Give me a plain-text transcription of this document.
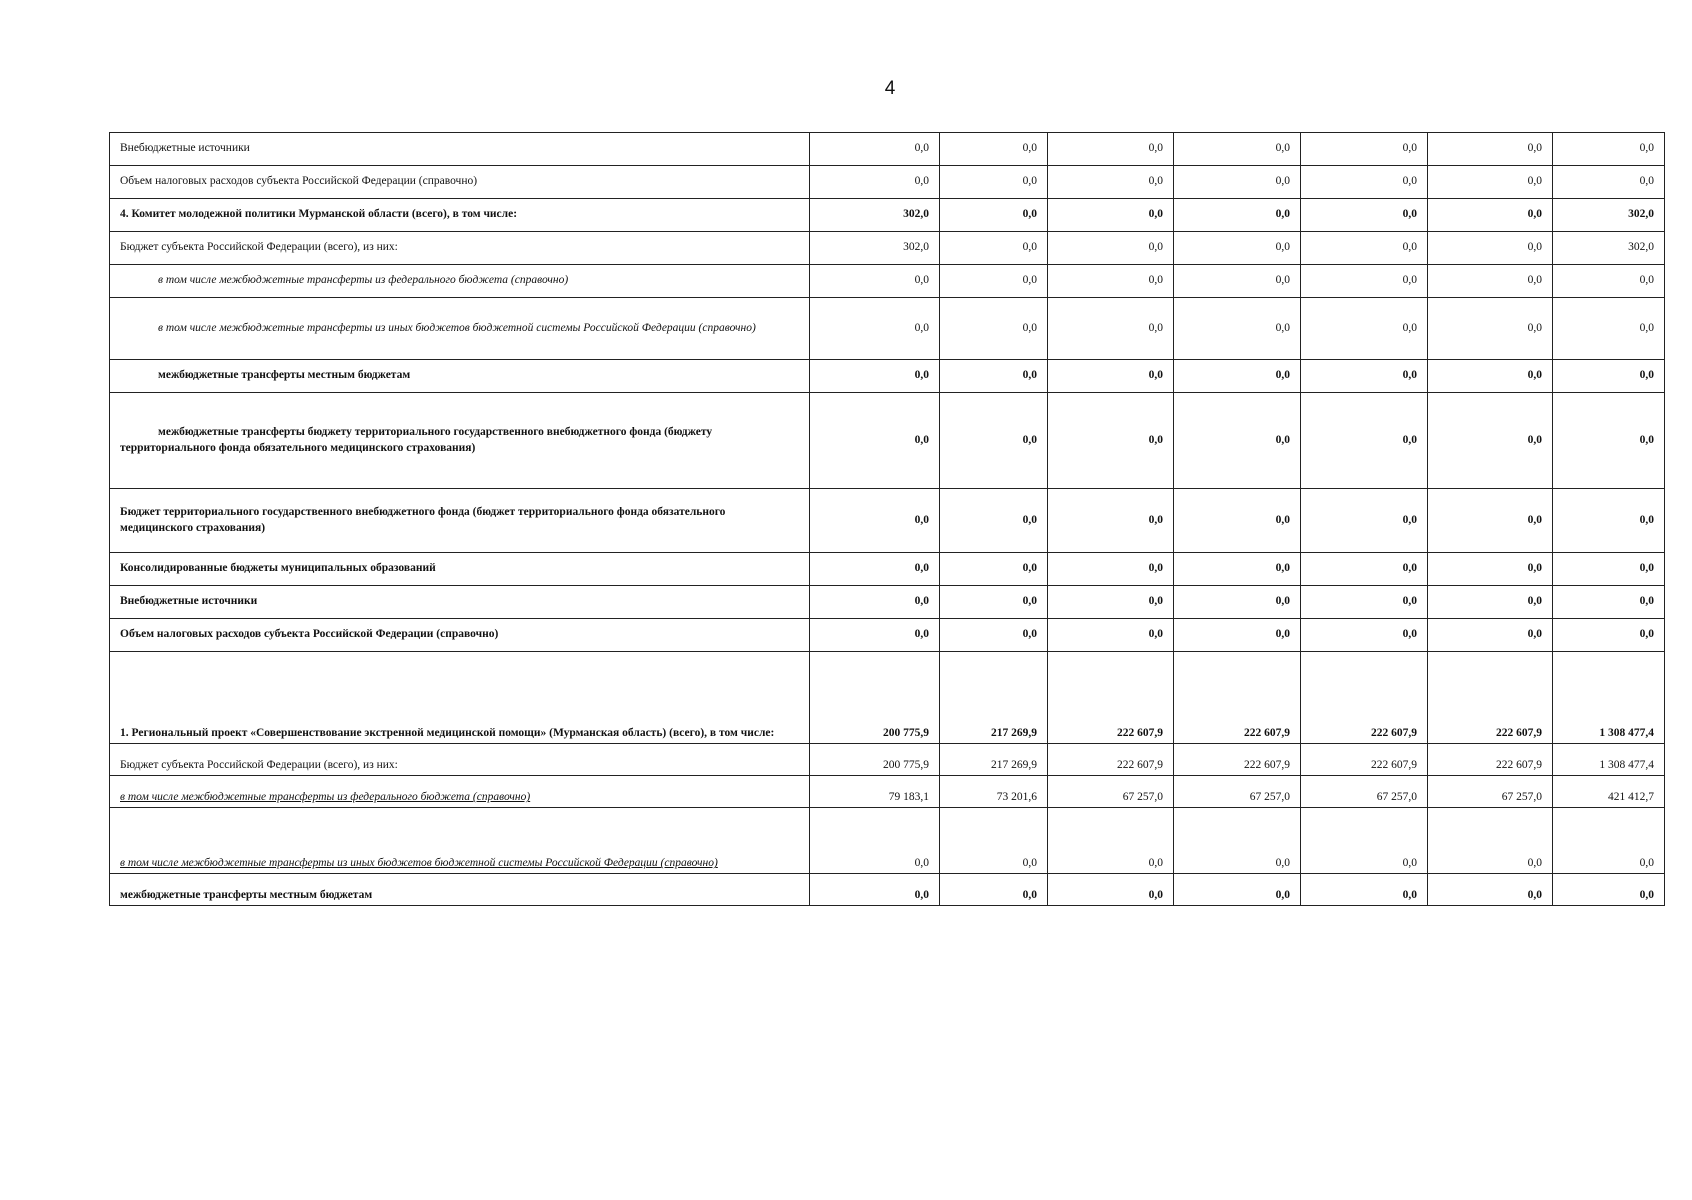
4
Внебюджетные источники	0,0	0,0	0,0	0,0	0,0	0,0	0,0
Объем налоговых расходов субъекта Российской Федерации (справочно)	0,0	0,0	0,0	0,0	0,0	0,0	0,0
4. Комитет молодежной политики Мурманской области (всего), в том числе:	302,0	0,0	0,0	0,0	0,0	0,0	302,0
Бюджет субъекта Российской Федерации (всего), из них:	302,0	0,0	0,0	0,0	0,0	0,0	302,0
в том числе межбюджетные трансферты из федерального бюджета (справочно)	0,0	0,0	0,0	0,0	0,0	0,0	0,0
в том числе межбюджетные трансферты из иных бюджетов бюджетной системы Российской Федерации (справочно)	0,0	0,0	0,0	0,0	0,0	0,0	0,0
межбюджетные трансферты местным бюджетам	0,0	0,0	0,0	0,0	0,0	0,0	0,0
межбюджетные трансферты бюджету территориального государственного внебюджетного фонда (бюджету территориального фонда обязательного медицинского страхования)	0,0	0,0	0,0	0,0	0,0	0,0	0,0
Бюджет территориального государственного внебюджетного фонда (бюджет территориального фонда обязательного медицинского страхования)	0,0	0,0	0,0	0,0	0,0	0,0	0,0
Консолидированные бюджеты муниципальных образований	0,0	0,0	0,0	0,0	0,0	0,0	0,0
Внебюджетные источники	0,0	0,0	0,0	0,0	0,0	0,0	0,0
Объем налоговых расходов субъекта Российской Федерации (справочно)	0,0	0,0	0,0	0,0	0,0	0,0	0,0
1. Региональный проект «Совершенствование экстренной медицинской помощи» (Мурманская область) (всего), в том числе:	200 775,9	217 269,9	222 607,9	222 607,9	222 607,9	222 607,9	1 308 477,4
Бюджет субъекта Российской Федерации (всего), из них:	200 775,9	217 269,9	222 607,9	222 607,9	222 607,9	222 607,9	1 308 477,4
в том числе межбюджетные трансферты из федерального бюджета (справочно)	79 183,1	73 201,6	67 257,0	67 257,0	67 257,0	67 257,0	421 412,7
в том числе межбюджетные трансферты из иных бюджетов бюджетной системы Российской Федерации (справочно)	0,0	0,0	0,0	0,0	0,0	0,0	0,0
межбюджетные трансферты местным бюджетам	0,0	0,0	0,0	0,0	0,0	0,0	0,0
